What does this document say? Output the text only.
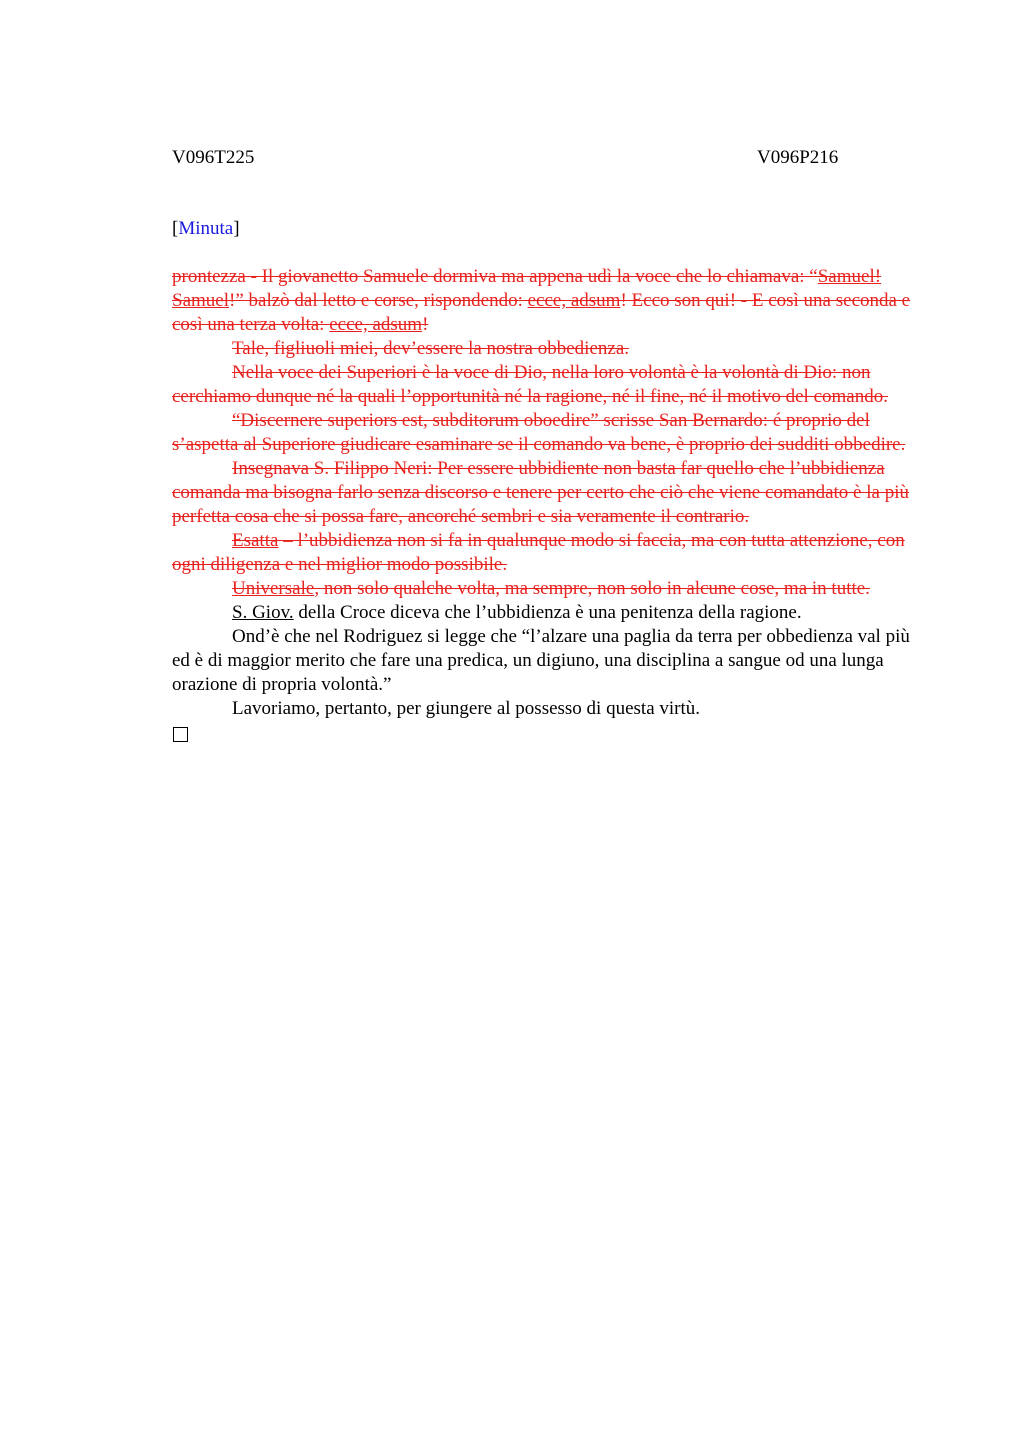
V096T225	V096P216
[Minuta]

prontezza - Il giovanetto Samuele dormiva ma appena udì la voce che lo chiamava: “Samuel! Samuel!” balzò dal letto e corse, rispondendo: ecce, adsum! Ecco son qui! - E così una seconda e così una terza volta: ecce, adsum!

Tale, figliuoli miei, dev’essere la nostra obbedienza.

Nella voce dei Superiori è la voce di Dio, nella loro volontà è la volontà di Dio: non cerchiamo dunque né la quali l’opportunità né la ragione, né il fine, né il motivo del comando.

“Discernere superiors est, subditorum oboedire” scrisse San Bernardo: é proprio del s’aspetta al Superiore giudicare esaminare se il comando va bene, è proprio dei sudditi obbedire.

Insegnava S. Filippo Neri: Per essere ubbidiente non basta far quello che l’ubbidienza comanda ma bisogna farlo senza discorso e tenere per certo che ciò che viene comandato è la più perfetta cosa che si possa fare, ancorché sembri e sia veramente il contrario.

Esatta – l’ubbidienza non si fa in qualunque modo si faccia, ma con tutta attenzione, con ogni diligenza e nel miglior modo possibile.

Universale, non solo qualche volta, ma sempre, non solo in alcune cose, ma in tutte.

S. Giov. della Croce diceva che l’ubbidienza è una penitenza della ragione.

Ond’è che nel Rodriguez si legge che “l’alzare una paglia da terra per obbedienza val più ed è di maggior merito che fare una predica, un digiuno, una disciplina a sangue od una lunga orazione di propria volontà.”

Lavoriamo, pertanto, per giungere al possesso di questa virtù.
